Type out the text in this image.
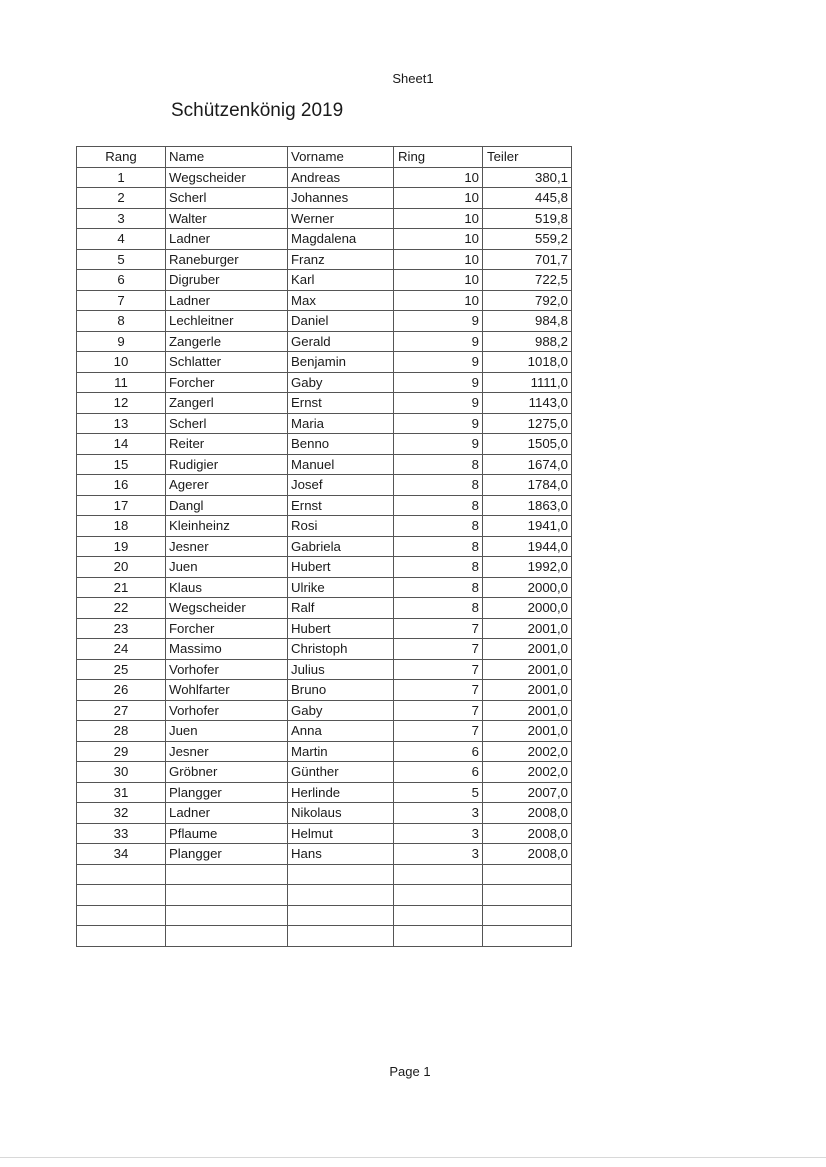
Sheet1
Schützenkönig 2019
Rang	Name	Vorname	Ring	Teiler
1	Wegscheider	Andreas	10	380,1
2	Scherl	Johannes	10	445,8
3	Walter	Werner	10	519,8
4	Ladner	Magdalena	10	559,2
5	Raneburger	Franz	10	701,7
6	Digruber	Karl	10	722,5
7	Ladner	Max	10	792,0
8	Lechleitner	Daniel	9	984,8
9	Zangerle	Gerald	9	988,2
10	Schlatter	Benjamin	9	1018,0
11	Forcher	Gaby	9	1111,0
12	Zangerl	Ernst	9	1143,0
13	Scherl	Maria	9	1275,0
14	Reiter	Benno	9	1505,0
15	Rudigier	Manuel	8	1674,0
16	Agerer	Josef	8	1784,0
17	Dangl	Ernst	8	1863,0
18	Kleinheinz	Rosi	8	1941,0
19	Jesner	Gabriela	8	1944,0
20	Juen	Hubert	8	1992,0
21	Klaus	Ulrike	8	2000,0
22	Wegscheider	Ralf	8	2000,0
23	Forcher	Hubert	7	2001,0
24	Massimo	Christoph	7	2001,0
25	Vorhofer	Julius	7	2001,0
26	Wohlfarter	Bruno	7	2001,0
27	Vorhofer	Gaby	7	2001,0
28	Juen	Anna	7	2001,0
29	Jesner	Martin	6	2002,0
30	Gröbner	Günther	6	2002,0
31	Plangger	Herlinde	5	2007,0
32	Ladner	Nikolaus	3	2008,0
33	Pflaume	Helmut	3	2008,0
34	Plangger	Hans	3	2008,0

Page 1
